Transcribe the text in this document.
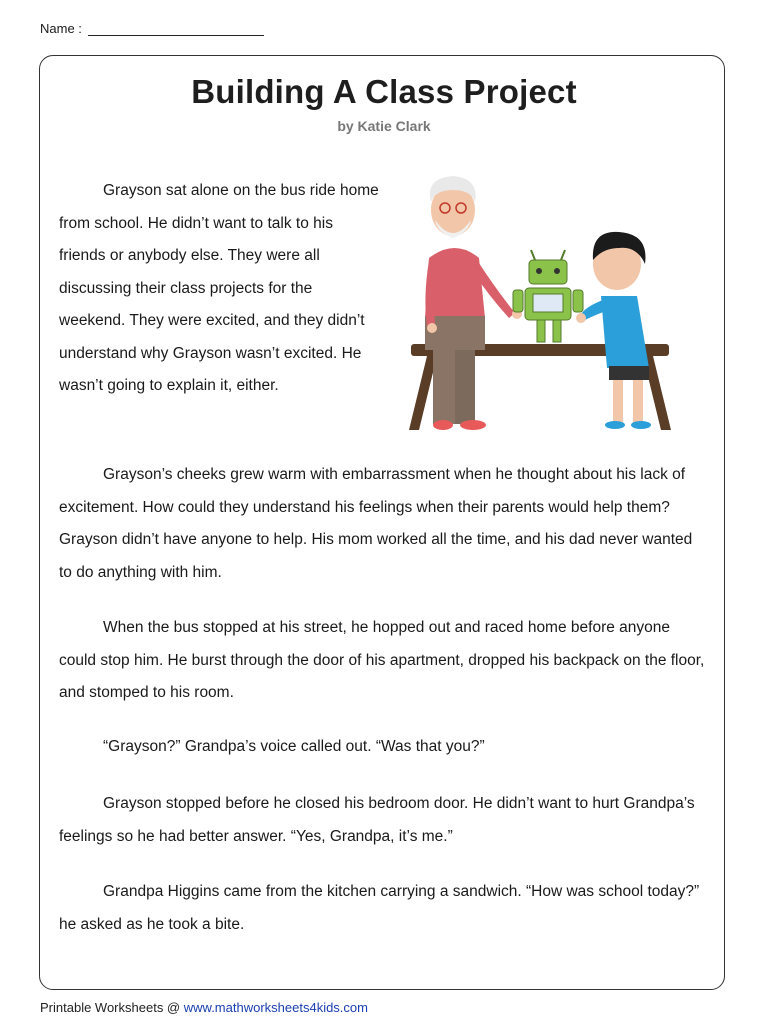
Name :
Building A Class Project
by Katie Clark

Grayson sat alone on the bus ride home from school. He didn’t want to talk to his friends or anybody else. They were all discussing their class projects for the weekend. They were excited, and they didn’t understand why Grayson wasn’t excited. He wasn’t going to explain it, either.

Grayson’s cheeks grew warm with embarrassment when he thought about his lack of excitement. How could they understand his feelings when their parents would help them? Grayson didn’t have anyone to help. His mom worked all the time, and his dad never wanted to do anything with him.

When the bus stopped at his street, he hopped out and raced home before anyone could stop him. He burst through the door of his apartment, dropped his backpack on the floor, and stomped to his room.

“Grayson?” Grandpa’s voice called out. “Was that you?”

Grayson stopped before he closed his bedroom door. He didn’t want to hurt Grandpa’s feelings so he had better answer. “Yes, Grandpa, it’s me.”

Grandpa Higgins came from the kitchen carrying a sandwich. “How was school today?” he asked as he took a bite.

Printable Worksheets @ www.mathworksheets4kids.com
